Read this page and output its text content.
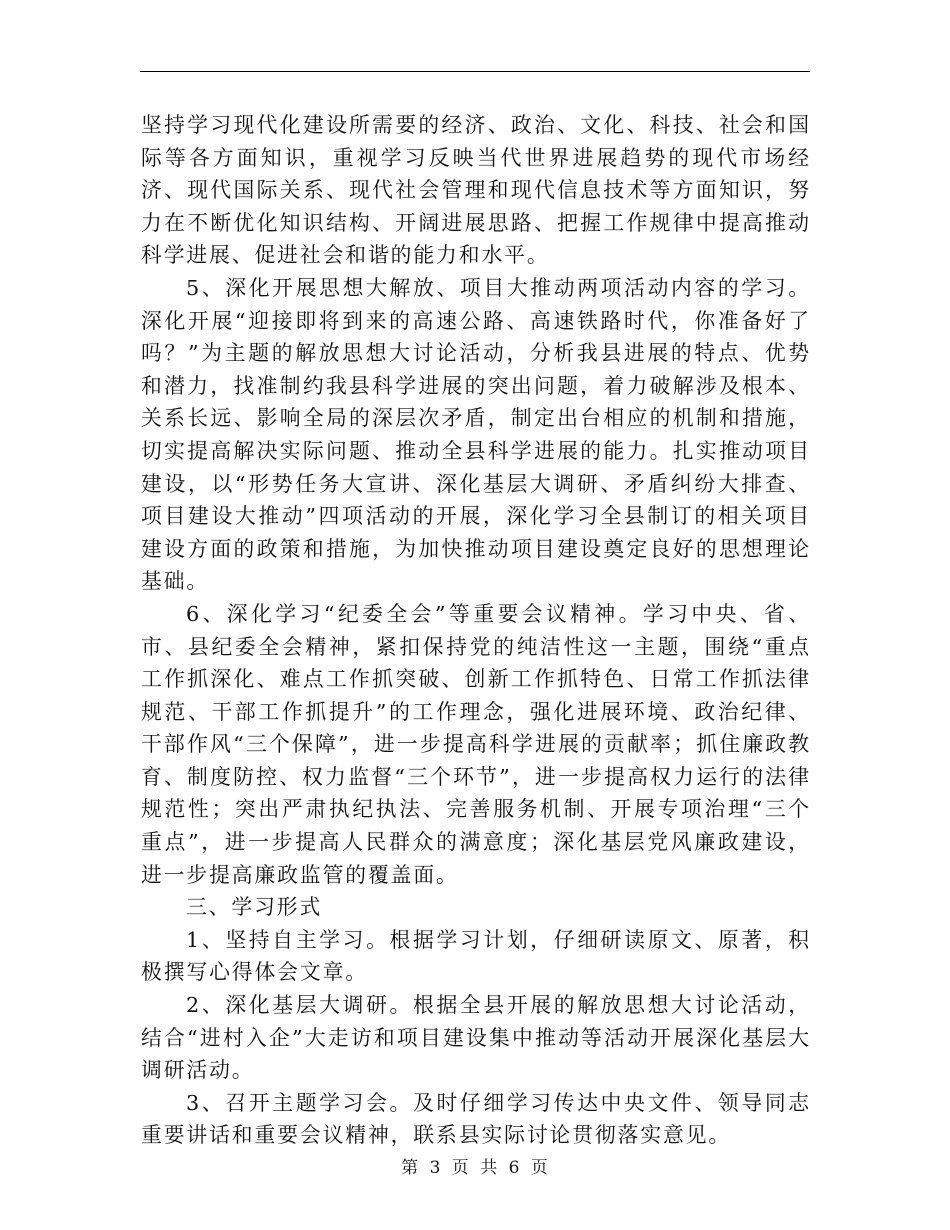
坚持学习现代化建设所需要的经济、政治、文化、科技、社会和国际等各方面知识，重视学习反映当代世界进展趋势的现代市场经济、现代国际关系、现代社会管理和现代信息技术等方面知识，努力在不断优化知识结构、开阔进展思路、把握工作规律中提高推动科学进展、促进社会和谐的能力和水平。

5、深化开展思想大解放、项目大推动两项活动内容的学习。深化开展“迎接即将到来的高速公路、高速铁路时代，你准备好了吗？”为主题的解放思想大讨论活动，分析我县进展的特点、优势和潜力，找准制约我县科学进展的突出问题，着力破解涉及根本、关系长远、影响全局的深层次矛盾，制定出台相应的机制和措施，切实提高解决实际问题、推动全县科学进展的能力。扎实推动项目建设，以“形势任务大宣讲、深化基层大调研、矛盾纠纷大排查、项目建设大推动”四项活动的开展，深化学习全县制订的相关项目建设方面的政策和措施，为加快推动项目建设奠定良好的思想理论基础。

6、深化学习“纪委全会”等重要会议精神。学习中央、省、市、县纪委全会精神，紧扣保持党的纯洁性这一主题，围绕“重点工作抓深化、难点工作抓突破、创新工作抓特色、日常工作抓法律规范、干部工作抓提升”的工作理念，强化进展环境、政治纪律、干部作风“三个保障”，进一步提高科学进展的贡献率；抓住廉政教育、制度防控、权力监督“三个环节”，进一步提高权力运行的法律规范性；突出严肃执纪执法、完善服务机制、开展专项治理“三个重点”，进一步提高人民群众的满意度；深化基层党风廉政建设，进一步提高廉政监管的覆盖面。

三、学习形式

1、坚持自主学习。根据学习计划，仔细研读原文、原著，积极撰写心得体会文章。

2、深化基层大调研。根据全县开展的解放思想大讨论活动，结合“进村入企”大走访和项目建设集中推动等活动开展深化基层大调研活动。

3、召开主题学习会。及时仔细学习传达中央文件、领导同志重要讲话和重要会议精神，联系县实际讨论贯彻落实意见。

第 3 页 共 6 页
